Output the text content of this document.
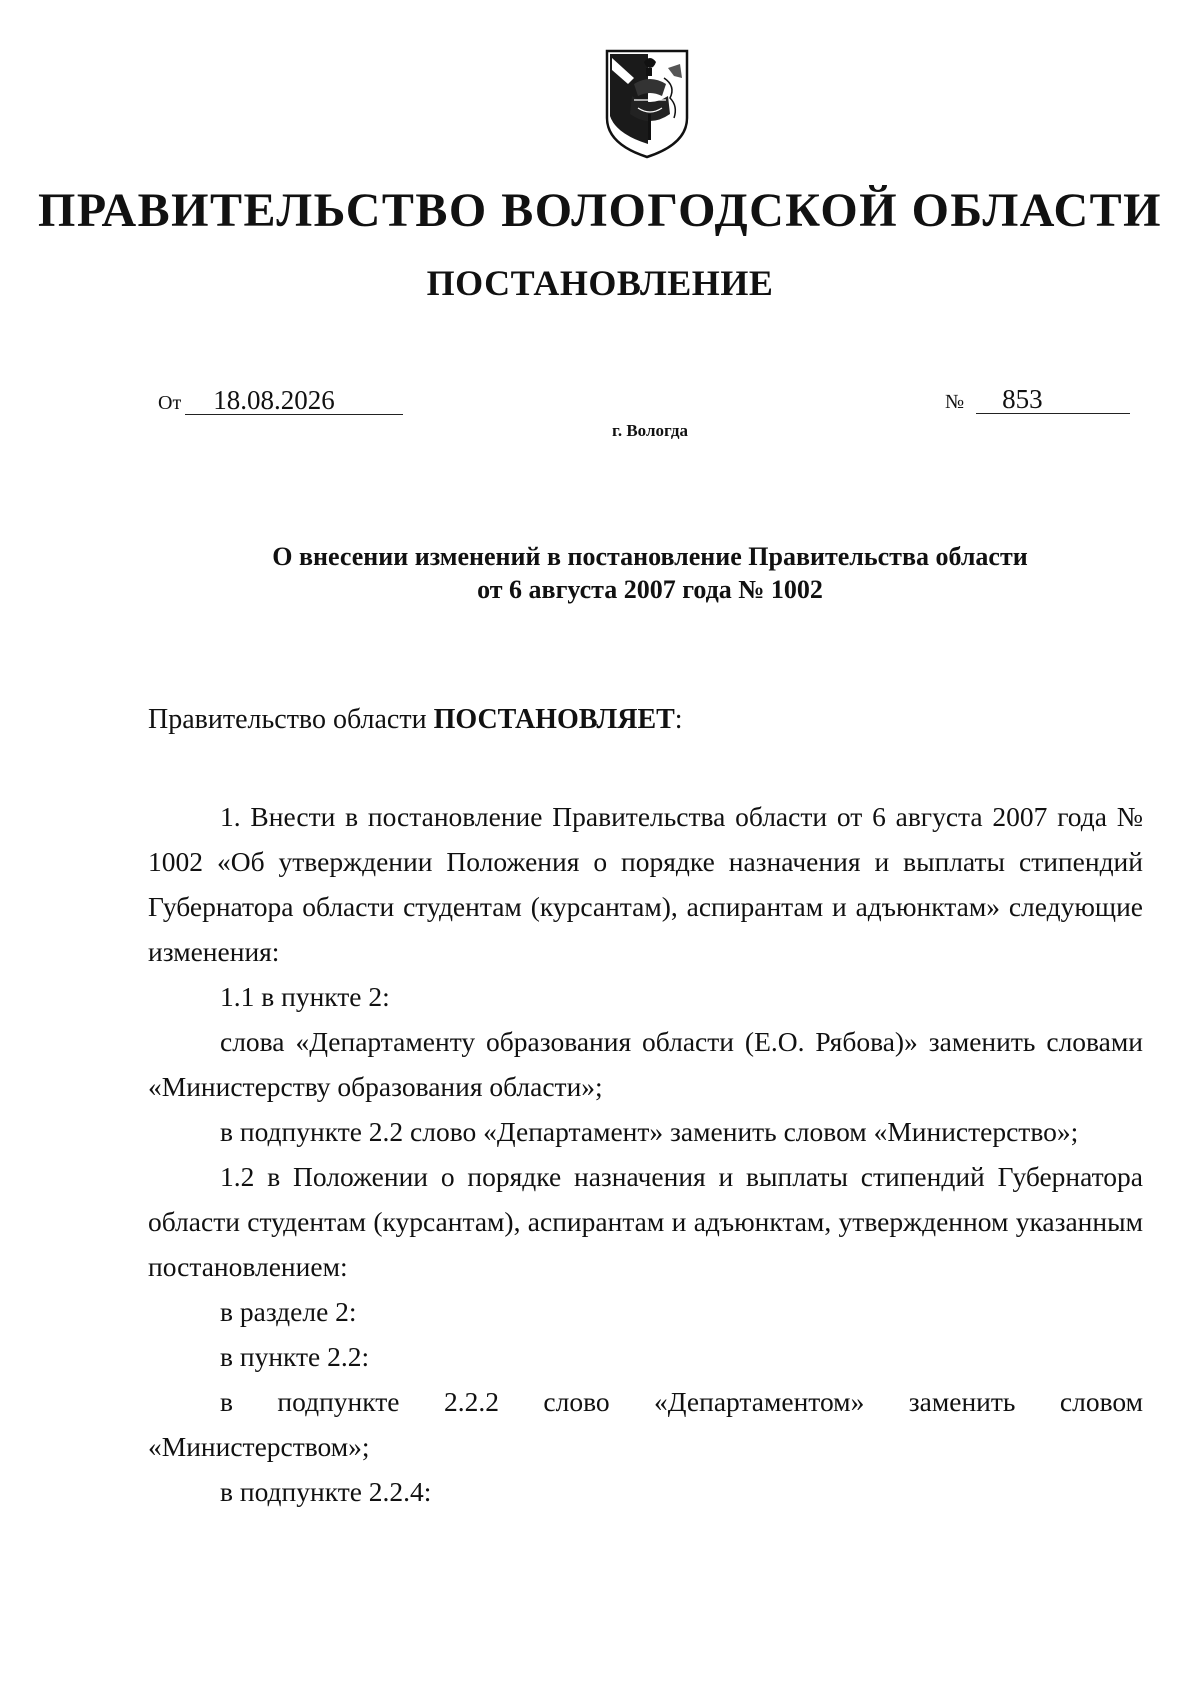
ПРАВИТЕЛЬСТВО ВОЛОГОДСКОЙ ОБЛАСТИ
ПОСТАНОВЛЕНИЕ
От 18.08.2026	№ 853
г. Вологда
О внесении изменений в постановление Правительства области
от 6 августа 2007 года № 1002
Правительство области ПОСТАНОВЛЯЕТ:

1. Внести в постановление Правительства области от 6 августа 2007 года № 1002 «Об утверждении Положения о порядке назначения и выплаты стипендий Губернатора области студентам (курсантам), аспирантам и адъюнктам» следующие изменения:

1.1 в пункте 2:

слова «Департаменту образования области (Е.О. Рябова)» заменить словами «Министерству образования области»;

в подпункте 2.2 слово «Департамент» заменить словом «Министерство»;

1.2 в Положении о порядке назначения и выплаты стипендий Губернатора области студентам (курсантам), аспирантам и адъюнктам, утвержденном указанным постановлением:

в разделе 2:

в пункте 2.2:

в подпункте 2.2.2 слово «Департаментом» заменить словом «Министерством»;

в подпункте 2.2.4:
